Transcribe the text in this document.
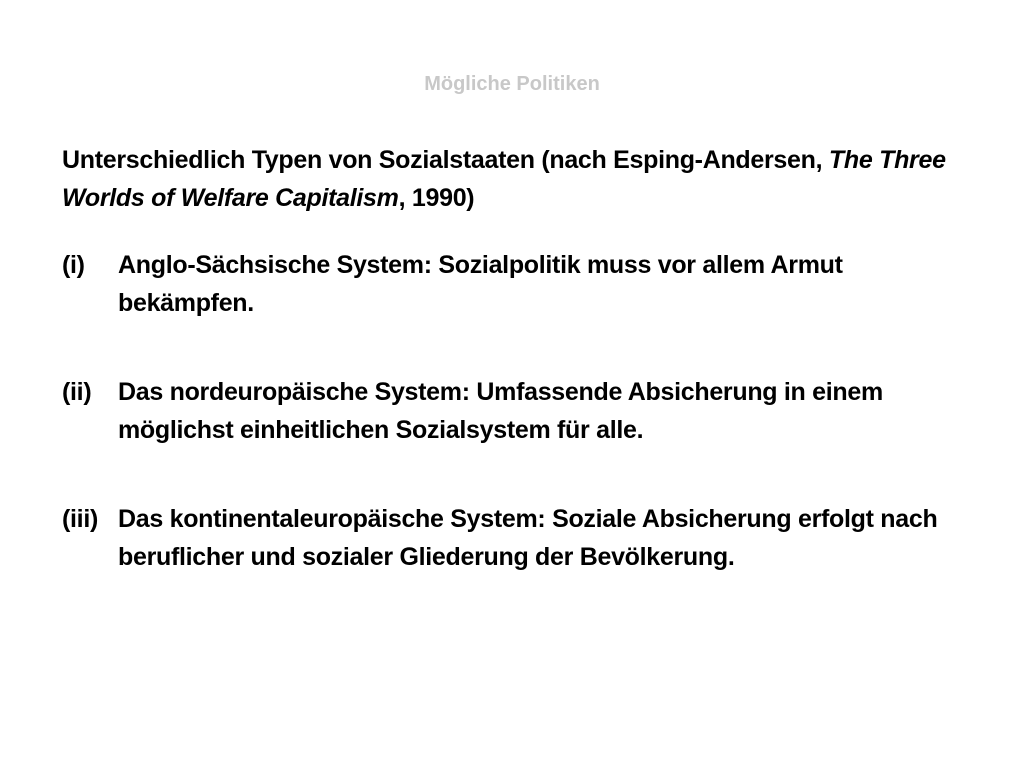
Mögliche Politiken
Unterschiedlich Typen von Sozialstaaten (nach Esping-Andersen, The Three Worlds of Welfare Capitalism, 1990)
(i)	Anglo-Sächsische System: Sozialpolitik muss vor allem Armut bekämpfen.
(ii)	Das nordeuropäische System: Umfassende Absicherung in einem möglichst einheitlichen Sozialsystem für alle.
(iii) Das kontinentaleuropäische System: Soziale Absicherung erfolgt nach beruflicher und sozialer Gliederung der Bevölkerung.
